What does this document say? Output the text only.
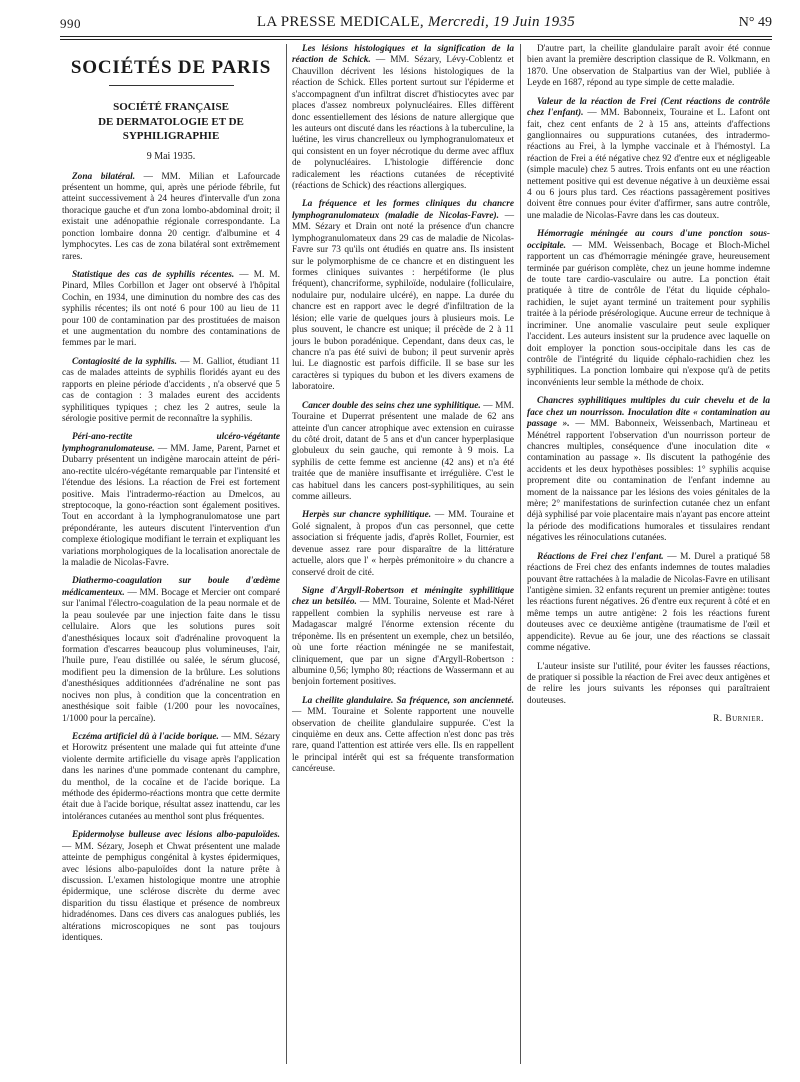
990	LA PRESSE MEDICALE, Mercredi, 19 Juin 1935	N° 49
SOCIÉTÉS DE PARIS
SOCIÉTÉ FRANÇAISE
DE DERMATOLOGIE ET DE SYPHILIGRAPHIE
9 Mai 1935.

Zona bilatéral. — MM. Milian et Lafourcade présentent un homme, qui, après une période fébrile, fut atteint successivement à 24 heures d'intervalle d'un zona thoracique gauche et d'un zona lombo-abdominal droit; il existait une adénopathie régionale correspondante. La ponction lombaire donna 20 centigr. d'albumine et 4 lymphocytes. Les cas de zona bilatéral sont extrêmement rares.

Statistique des cas de syphilis récentes. — M. M. Pinard, Mlles Corbillon et Jager ont observé à l'hôpital Cochin, en 1934, une diminution du nombre des cas des syphilis récentes; ils ont noté 6 pour 100 au lieu de 11 pour 100 de contamination par des prostituées de maison et une augmentation du nombre des contaminations de femmes par le mari.

Contagiosité de la syphilis. — M. Galliot, étudiant 11 cas de malades atteints de syphilis floridés ayant eu des rapports en pleine période d'accidents , n'a observé que 5 cas de contagion : 3 malades eurent des accidents syphilitiques typiques ; chez les 2 autres, seule la sérologie positive permit de reconnaître la syphilis.

Péri-ano-rectite ulcéro-végétante lymphogranulomateuse. — MM. Jame, Parent, Parnet et Dubarry présentent un indigène marocain atteint de péri-ano-rectite ulcéro-végétante remarquable par l'intensité et l'étendue des lésions. La réaction de Frei est fortement positive. Mais l'intradermo-réaction au Dmelcos, au streptocoque, la gono-réaction sont également positives. Tout en accordant à la lymphogranulomatose une part prépondérante, les auteurs discutent l'intervention d'un complexe étiologique modifiant le terrain et expliquant les variations morphologiques de la localisation anorectale de la maladie de Nicolas-Favre.

Diathermo-coagulation sur boule d'œdème médicamenteux. — MM. Bocage et Mercier ont comparé sur l'animal l'électro-coagulation de la peau normale et de la peau soulevée par une injection faite dans le tissu cellulaire. Alors que les solutions pures soit d'anesthésiques locaux soit d'adrénaline provoquent la formation d'escarres beaucoup plus volumineuses, l'air, l'huile pure, l'eau distillée ou salée, le sérum glucosé, modifient peu la dimension de la brûlure. Les solutions d'anesthésiques additionnées d'adrénaline ne sont pas nocives non plus, à condition que la concentration en anesthésique soit faible (1/200 pour les novocaïnes, 1/1000 pour la percaïne).

Eczéma artificiel dû à l'acide borique. — MM. Sézary et Horowitz présentent une malade qui fut atteinte d'une violente dermite artificielle du visage après l'application dans les narines d'une pommade contenant du camphre, du menthol, de la cocaïne et de l'acide borique. La méthode des épidermo-réactions montra que cette dermite était due à l'acide borique, résultat assez inattendu, car les intolérances cutanées au menthol sont plus fréquentes.

Epidermolyse bulleuse avec lésions albo-papuloïdes. — MM. Sézary, Joseph et Chwat présentent une malade atteinte de pemphigus congénital à kystes épidermiques, avec lésions albo-papuloïdes dont la nature prête à discussion. L'examen histologique montre une atrophie épidermique, une sclérose discrète du derme avec disparition du tissu élastique et présence de nombreux hidradénomes. Dans ces divers cas analogues publiés, les altérations microscopiques ne sont pas toujours identiques.

Les lésions histologiques et la signification de la réaction de Schick. — MM. Sézary, Lévy-Coblentz et Chauvillon décrivent les lésions histologiques de la réaction de Schick. Elles portent surtout sur l'épiderme et s'accompagnent d'un infiltrat discret d'histiocytes avec par places d'assez nombreux polynucléaires. Elles diffèrent donc essentiellement des lésions de nature allergique que les auteurs ont discuté dans les réactions à la tuberculine, la luétine, les virus chancrelleux ou lymphogranulomateux et qui consistent en un foyer nécrotique du derme avec afflux de polynucléaires. L'histologie différencie donc radicalement les réactions cutanées de réceptivité (réactions de Schick) des réactions allergiques.

La fréquence et les formes cliniques du chancre lymphogranulomateux (maladie de Nicolas-Favre). — MM. Sézary et Drain ont noté la présence d'un chancre lymphogranulomateux dans 29 cas de maladie de Nicolas-Favre sur 73 qu'ils ont étudiés en quatre ans. Ils insistent sur le polymorphisme de ce chancre et en distinguent les formes cliniques suivantes : herpétiforme (le plus fréquent), chancriforme, syphiloïde, nodulaire (folliculaire, nodulaire pur, nodulaire ulcéré), en nappe. La durée du chancre est en rapport avec le degré d'infiltration de la lésion; elle varie de quelques jours à plusieurs mois. Le plus souvent, le chancre est unique; il précède de 2 à 11 jours le bubon poradénique. Cependant, dans deux cas, le chancre n'a pas été suivi de bubon; il peut survenir après lui. Le diagnostic est parfois difficile. Il se base sur les caractères si typiques du bubon et les divers examens de laboratoire.

Cancer double des seins chez une syphilitique. — MM. Touraine et Duperrat présentent une malade de 62 ans atteinte d'un cancer atrophique avec extension en cuirasse du côté droit, datant de 5 ans et d'un cancer hyperplasique globuleux du sein gauche, qui remonte à 9 mois. La syphilis de cette femme est ancienne (42 ans) et n'a été traitée que de manière insuffisante et irrégulière. C'est le cas habituel dans les cancers post-syphilitiques, au sein comme ailleurs.

Herpès sur chancre syphilitique. — MM. Touraine et Golé signalent, à propos d'un cas personnel, que cette association si fréquente jadis, d'après Rollet, Fournier, est devenue assez rare pour disparaître de la littérature actuelle, alors que l' « herpès prémonitoire » du chancre a conservé droit de cité.

Signe d'Argyll-Robertson et méningite syphilitique chez un betsiléo. — MM. Touraine, Solente et Mad-Néret rappellent combien la syphilis nerveuse est rare à Madagascar malgré l'énorme extension récente du tréponème. Ils en présentent un exemple, chez un betsiléo, où une forte réaction méningée ne se manifestait, cliniquement, que par un signe d'Argyll-Robertson : albumine 0,56; lympho 80; réactions de Wassermann et au benjoin fortement positives.

La cheilite glandulaire. Sa fréquence, son ancienneté. — MM. Touraine et Solente rapportent une nouvelle observation de cheilite glandulaire suppurée. C'est la cinquième en deux ans. Cette affection n'est donc pas très rare, quand l'attention est attirée vers elle. Ils en rappellent le principal intérêt qui est sa fréquente transformation cancéreuse.

D'autre part, la cheilite glandulaire paraît avoir été connue bien avant la première description classique de R. Volkmann, en 1870. Une observation de Stalpartius van der Wiel, publiée à Leyde en 1687, répond au type simple de cette maladie.

Valeur de la réaction de Frei (Cent réactions de contrôle chez l'enfant). — MM. Babonneix, Touraine et L. Lafont ont fait, chez cent enfants de 2 à 15 ans, atteints d'affections ganglionnaires ou suppurations cutanées, des intradermo-réactions au Frei, à la lymphe vaccinale et à l'hémostyl. La réaction de Frei a été négative chez 92 d'entre eux et négligeable (simple macule) chez 5 autres. Trois enfants ont eu une réaction nettement positive qui est devenue négative à un deuxième essai 4 ou 6 jours plus tard. Ces réactions passagèrement positives doivent être connues pour éviter d'affirmer, sans autre contrôle, une maladie de Nicolas-Favre dans les cas douteux.

Hémorragie méningée au cours d'une ponction sous-occipitale. — MM. Weissenbach, Bocage et Bloch-Michel rapportent un cas d'hémorragie méningée grave, heureusement terminée par guérison complète, chez un jeune homme indemne de toute tare cardio-vasculaire ou autre. La ponction était pratiquée à titre de contrôle de l'état du liquide céphalo-rachidien, le sujet ayant terminé un traitement pour syphilis traitée à la période présérologique. Aucune erreur de technique à incriminer. Une anomalie vasculaire peut seule expliquer l'accident. Les auteurs insistent sur la prudence avec laquelle on doit employer la ponction sous-occipitale dans les cas de contrôle de l'intégrité du liquide céphalo-rachidien chez les syphilitiques. La ponction lombaire qui n'expose qu'à de petits inconvénients leur semble la méthode de choix.

Chancres syphilitiques multiples du cuir chevelu et de la face chez un nourrisson. Inoculation dite « contamination au passage ». — MM. Babonneix, Weissenbach, Martineau et Ménétrel rapportent l'observation d'un nourrisson porteur de chancres multiples, conséquence d'une inoculation dite « contamination au passage ». Ils discutent la pathogénie des accidents et les deux hypothèses possibles: 1° syphilis acquise proprement dite ou contamination de l'enfant indemne au moment de la naissance par les lésions des voies génitales de la mère; 2° manifestations de surinfection cutanée chez un enfant déjà syphilisé par voie placentaire mais n'ayant pas encore atteint la période des modifications humorales et tissulaires rendant négatives les réinoculations cutanées.

Réactions de Frei chez l'enfant. — M. Durel a pratiqué 58 réactions de Frei chez des enfants indemnes de toutes maladies pouvant être rattachées à la maladie de Nicolas-Favre en utilisant l'antigène simien. 32 enfants reçurent un premier antigène: toutes les réactions furent négatives. 26 d'entre eux reçurent à côté et en même temps un autre antigène: 2 fois les réactions furent douteuses avec ce deuxième antigène (traumatisme de l'œil et appendicite). Revue au 6e jour, une des réactions se classait comme négative.

L'auteur insiste sur l'utilité, pour éviter les fausses réactions, de pratiquer si possible la réaction de Frei avec deux antigènes et de relire les jours suivants les réponses qui paraîtraient douteuses.

R. Burnier.
